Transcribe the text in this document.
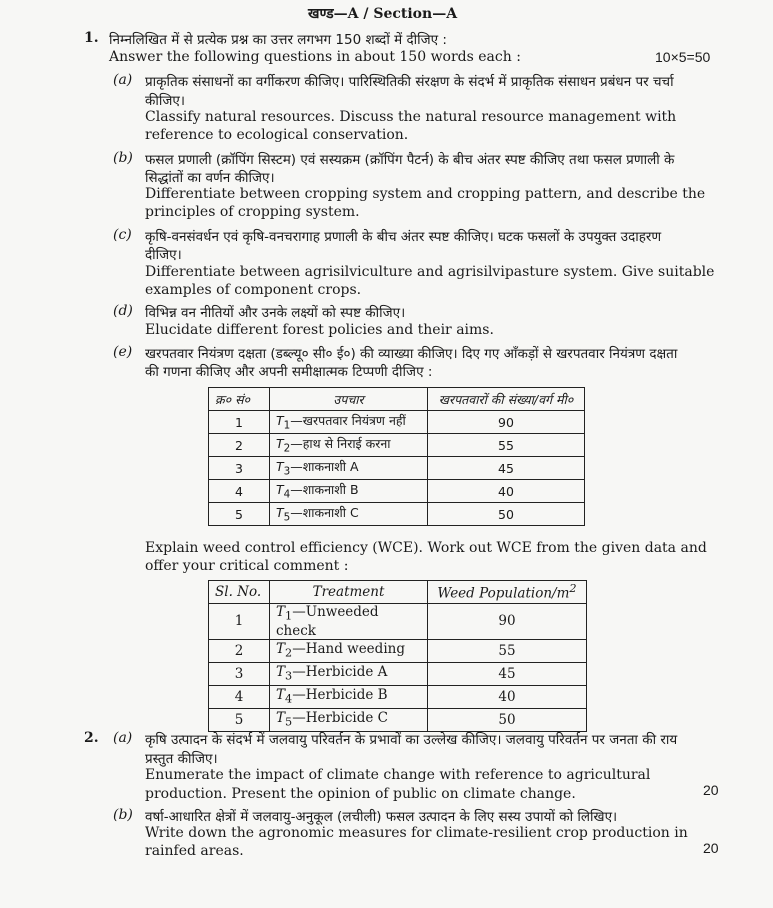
खण्ड—A / Section—A
1. निम्नलिखित में से प्रत्येक प्रश्न का उत्तर लगभग 150 शब्दों में दीजिए :
Answer the following questions in about 150 words each :	10×5=50
(a) प्राकृतिक संसाधनों का वर्गीकरण कीजिए। पारिस्थितिकी संरक्षण के संदर्भ में प्राकृतिक संसाधन प्रबंधन पर चर्चा
कीजिए।
Classify natural resources. Discuss the natural resource management with
reference to ecological conservation.
(b) फसल प्रणाली (क्रॉपिंग सिस्टम) एवं सस्यक्रम (क्रॉपिंग पैटर्न) के बीच अंतर स्पष्ट कीजिए तथा फसल प्रणाली के
सिद्धांतों का वर्णन कीजिए।
Differentiate between cropping system and cropping pattern, and describe the
principles of cropping system.
(c) कृषि-वनसंवर्धन एवं कृषि-वनचरागाह प्रणाली के बीच अंतर स्पष्ट कीजिए। घटक फसलों के उपयुक्त उदाहरण
दीजिए।
Differentiate between agrisilviculture and agrisilvipasture system. Give suitable
examples of component crops.
(d) विभिन्न वन नीतियों और उनके लक्ष्यों को स्पष्ट कीजिए।
Elucidate different forest policies and their aims.
(e) खरपतवार नियंत्रण दक्षता (डब्ल्यू० सी० ई०) की व्याख्या कीजिए। दिए गए आँकड़ों से खरपतवार नियंत्रण दक्षता
की गणना कीजिए और अपनी समीक्षात्मक टिप्पणी दीजिए :
क्र० सं०	उपचार	खरपतवारों की संख्या/वर्ग मी०
1	$T_1—खरपतवार$ नियंत्रण नहीं	90
2	$T_2—हाथ$ से निराई करना	55
3	$T_3—शाकनाशी$ A	45
4	$T_4—शाकनाशी$ B	40
5	$T_5—शाकनाशी$ C	50
Explain weed control efficiency (WCE). Work out WCE from the given data and
offer your critical comment :
Sl. No.	Treatment	Weed Population/$m^2$
1	$T_1—Unweeded$ check	90
2	$T_2—Hand$ weeding	55
3	$T_3—Herbicide$ A	45
4	$T_4—Herbicide$ B	40
5	$T_5—Herbicide$ C	50
2. (a) कृषि उत्पादन के संदर्भ में जलवायु परिवर्तन के प्रभावों का उल्लेख कीजिए। जलवायु परिवर्तन पर जनता की राय
प्रस्तुत कीजिए।
Enumerate the impact of climate change with reference to agricultural
production. Present the opinion of public on climate change.	20
(b) वर्षा-आधारित क्षेत्रों में जलवायु-अनुकूल (लचीली) फसल उत्पादन के लिए सस्य उपायों को लिखिए।
Write down the agronomic measures for climate-resilient crop production in
rainfed areas.	20
